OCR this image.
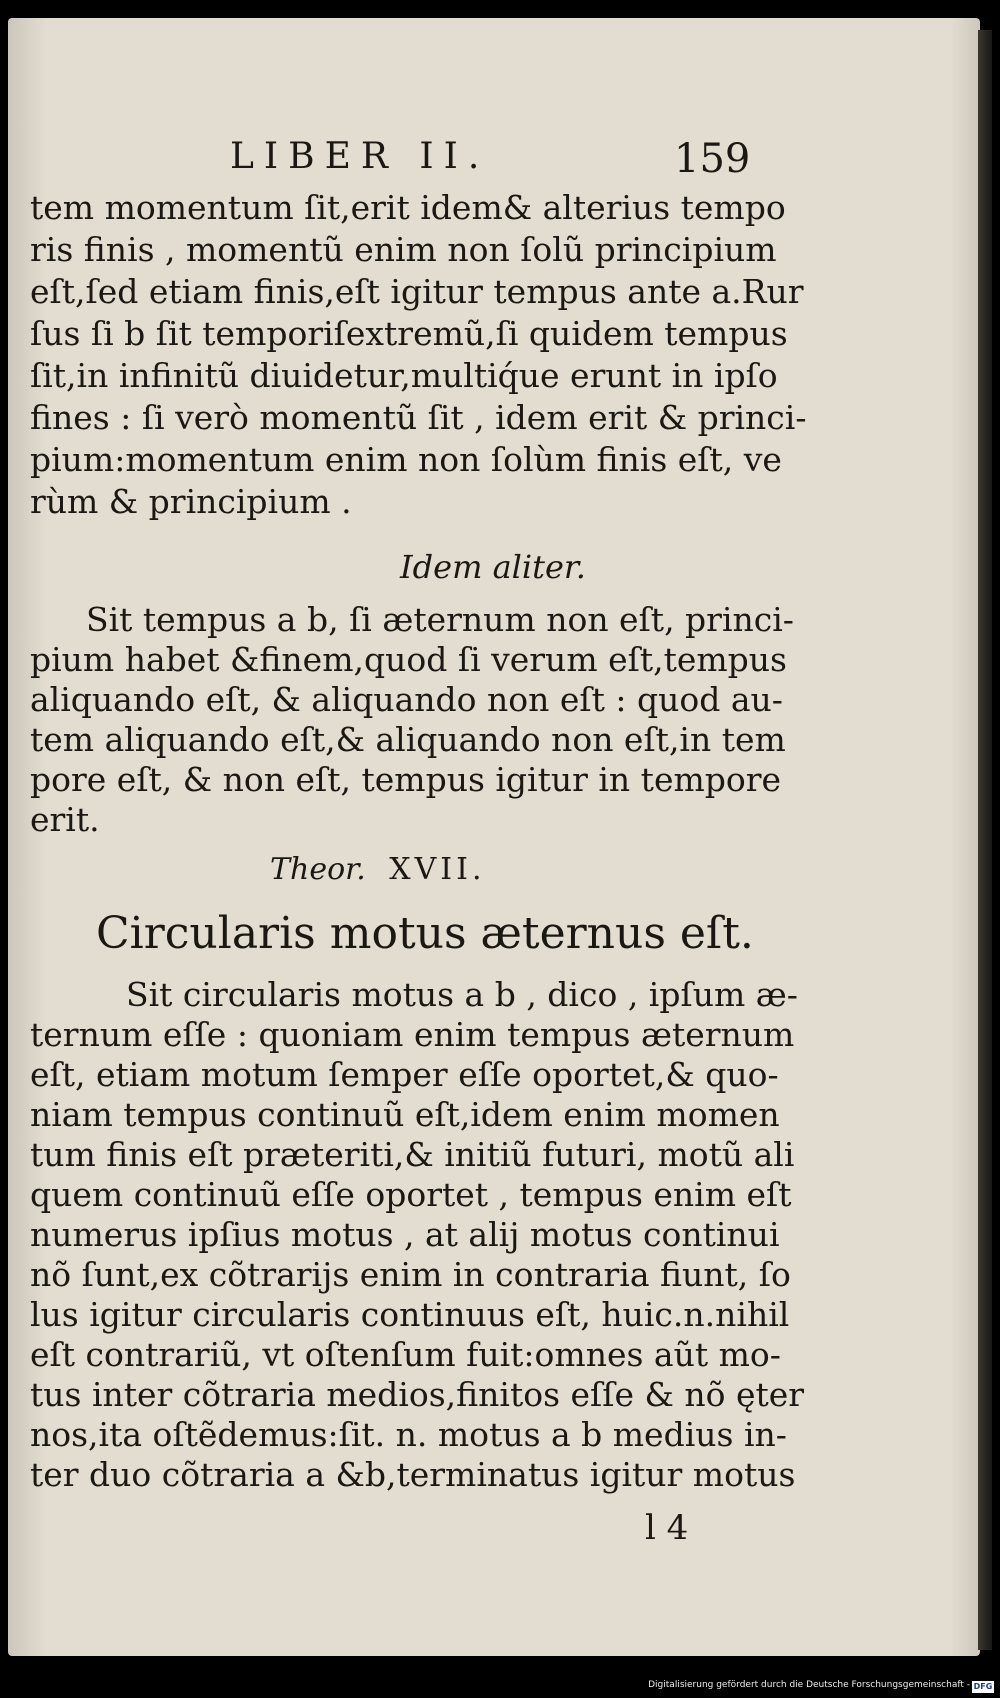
LIBER II.	159
tem momentum ſit,erit idem& alterius tempo
ris finis , momentũ enim non ſolũ principium
eſt,ſed etiam finis,eſt igitur tempus ante a.Rur
ſus ſi b ſit temporiſextremũ,ſi quidem tempus
ſit,in infinitũ diuidetur,multiq́ue erunt in ipſo
fines : ſi verò momentũ ſit , idem erit & princi-
pium:momentum enim non ſolùm finis eſt, ve
rùm & principium .
Idem aliter.
Sit tempus a b, ſi æternum non eſt, princi-
pium habet &finem,quod ſi verum eſt,tempus
aliquando eſt, & aliquando non eſt : quod au-
tem aliquando eſt,& aliquando non eſt,in tem
pore eſt, & non eſt, tempus igitur in tempore
erit.
Theor. XVII.
Circularis motus æternus eſt.
Sit circularis motus a b , dico , ipſum æ-
ternum eſſe : quoniam enim tempus æternum
eſt, etiam motum ſemper eſſe oportet,& quo-
niam tempus continuũ eſt,idem enim momen
tum finis eſt præteriti,& initiũ futuri, motũ ali
quem continuũ eſſe oportet , tempus enim eſt
numerus ipſius motus , at alij motus continui
nõ ſunt,ex cõtrarijs enim in contraria fiunt, ſo
lus igitur circularis continuus eſt, huic.n.nihil
eſt contrariũ, vt oſtenſum fuit:omnes aũt mo-
tus inter cõtraria medios,finitos eſſe & nõ ęter
nos,ita oſtẽdemus:ſit. n. motus a b medius in-
ter duo cõtraria a &b,terminatus igitur motus
l 4
Digitalisierung gefördert durch die Deutsche Forschungsgemeinschaft - DFG
